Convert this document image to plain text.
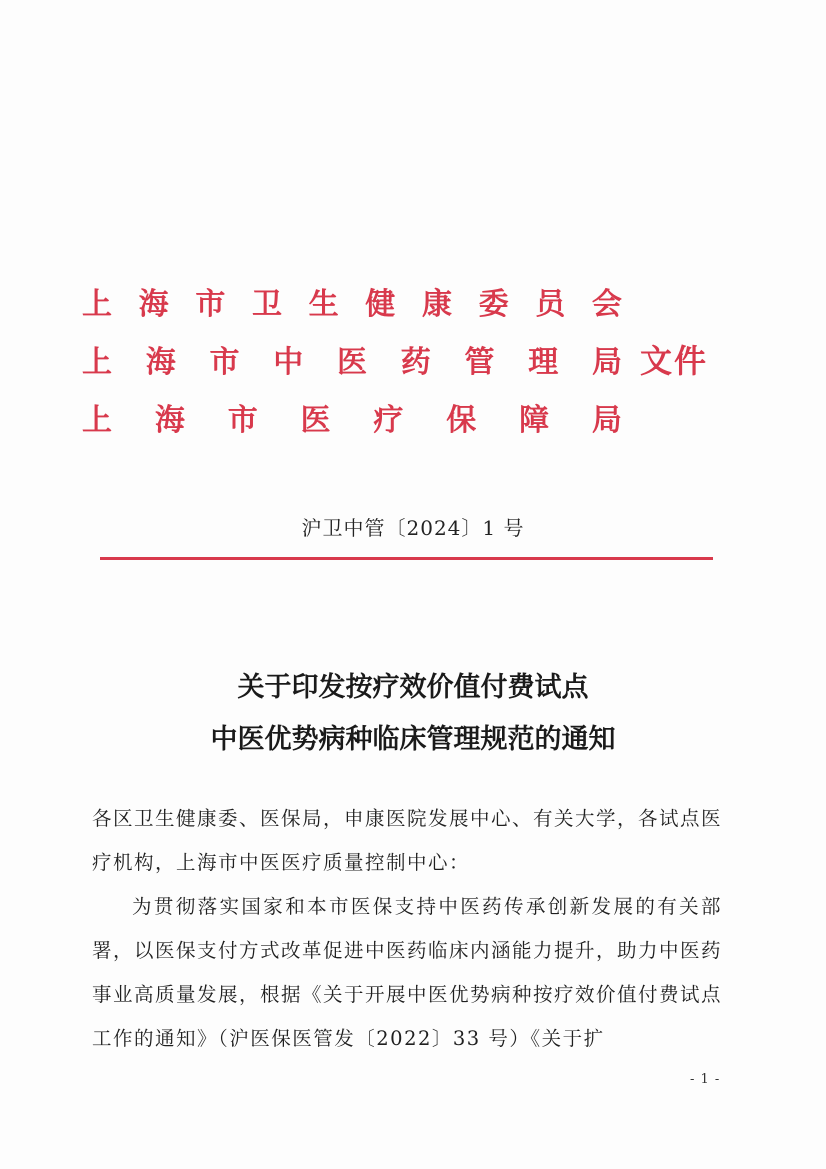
上 海 市 卫 生 健 康 委 员 会
上 海 市 中 医 药 管 理 局
上 海 市 医 疗 保 障 局
文件
沪卫中管〔2024〕1 号
关于印发按疗效价值付费试点
中医优势病种临床管理规范的通知

各区卫生健康委、医保局，申康医院发展中心、有关大学，各试点医疗机构，上海市中医医疗质量控制中心：

为贯彻落实国家和本市医保支持中医药传承创新发展的有关部署，以医保支付方式改革促进中医药临床内涵能力提升，助力中医药事业高质量发展，根据《关于开展中医优势病种按疗效价值付费试点工作的通知》（沪医保医管发〔2022〕33 号）《关于扩

- 1 -
